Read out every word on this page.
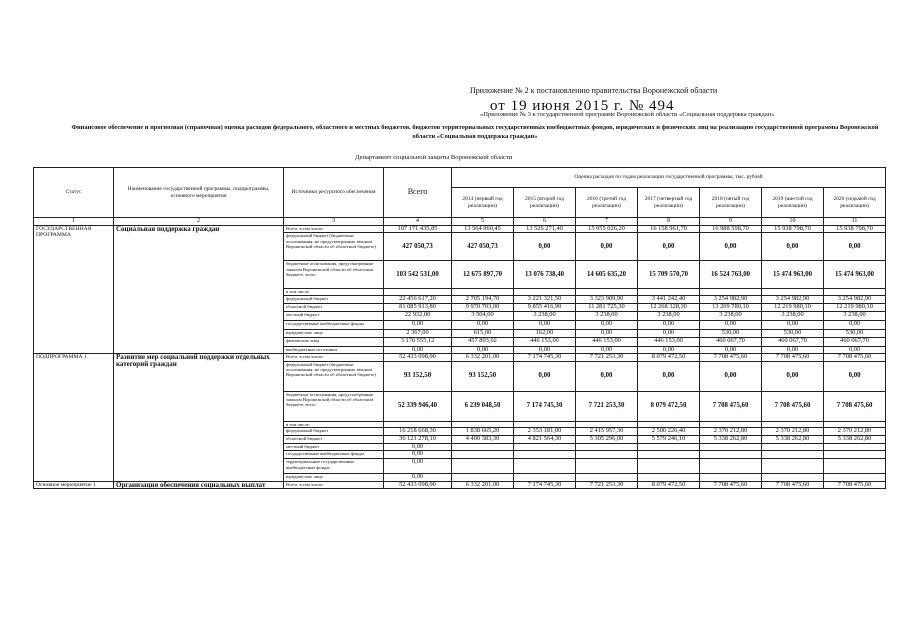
Приложение № 2 к постановлению правительства Воронежской области
от 19 июня 2015 г. № 494
«Приложение № 3 к государственной программе Воронежской области «Социальная поддержка граждан»
Финансовое обеспечение и прогнозная (справочная) оценка расходов федерального, областного и местных бюджетов, бюджетов территориальных государственных внебюджетных фондов, юридических и физических лиц на реализацию государственной программы Воронежской области «Социальная поддержка граждан»
Департамент социальной защиты Воронежской области
Статус	Наименование государственной программы, подпрограммы, основного мероприятия	Источники ресурсного обеспечения	Всего	Оценка расходов по годам реализации государственной программы, тыс. рублей						
				2014 (первый год реализации)	2015 (второй год реализации)	2016 (третий год реализации)	2017 (четвертый год реализации)	2018 (пятый год реализации)	2019 (шестой год реализации)	2020 (седьмой год реализации)
1	2	3	4	5	6	7	8	9	10	11
ГОСУДАРСТВЕННАЯ ПРОГРАММА	Социальная поддержка граждан	Всего, в том числе:	107 171 435,85	13 564 960,45	13 526 271,40	15 055 026,20	16 158 961,70	16 988 598,70	15 938 798,70	15 938 798,70
		федеральный бюджет (бюджетные ассигнования, не предусмотренные законом Воронежской области об областном бюджете)	427 050,73	427 050,73	0,00	0,00	0,00	0,00	0,00	0,00
		бюджетные ассигнования, предусмотренные законом Воронежской области об областном бюджете, всего	103 542 531,00	12 675 897,70	13 076 738,40	14 605 635,20	15 709 570,70	16 524 763,00	15 474 963,00	15 474 963,00
		в том числе:								
		федеральный бюджет	22 456 617,20	2 705 194,70	3 221 321,50	3 323 909,90	3 441 242,40	3 254 982,90	3 254 982,90	3 254 982,90
		областной бюджет	81 085 913,80	9 970 703,00	9 855 416,90	11 281 725,30	12 268 328,30	13 269 780,10	12 219 980,10	12 219 980,10
		местный бюджет	22 932,00	3 504,00	3 238,00	3 238,00	3 238,00	3 238,00	3 238,00	3 238,00
		государственные внебюджетные фонды	0,00	0,00	0,00	0,00	0,00	0,00	0,00	0,00
		юридические лица	2 367,00	615,00	162,00	0,00	0,00	530,00	530,00	530,00
		физические лица	3 176 555,12	457 893,02	446 153,00	446 153,00	446 153,00	460 067,70	460 067,70	460 067,70
		внебюджетные источники	0,00	0,00	0,00	0,00	0,00	0,00	0,00	0,00
ПОДПРОГРАММА 1	Развитие мер социальной поддержки отдельных категорий граждан	Всего, в том числе:	52 433 098,90	6 332 201,00	7 174 745,30	7 721 253,30	8 079 472,50	7 708 475,60	7 708 475,60	7 708 475,60
		федеральный бюджет (бюджетные ассигнования, не предусмотренные законом Воронежской области об областном бюджете)	93 152,50	93 152,50	0,00	0,00	0,00	0,00	0,00	0,00
		бюджетные ассигнования, предусмотренные законом Воронежской области об областном бюджете, всего	52 339 946,40	6 239 048,50	7 174 745,30	7 721 253,30	8 079 472,50	7 708 475,60	7 708 475,60	7 708 475,60
		в том числе:								
		федеральный бюджет	16 218 668,30	1 838 665,20	2 353 181,00	2 415 957,30	2 500 226,40	2 370 212,80	2 370 212,80	2 370 212,80
		областной бюджет	36 121 278,10	4 400 383,30	4 821 564,30	5 305 296,00	5 579 246,10	5 338 262,80	5 338 262,80	5 338 262,80
		местный бюджет	0,00							
		государственные внебюджетные фонды	0,00							
		территориальные государственные внебюджетные фонды	0,00							
		юридические лица	0,00							
Основное мероприятие 1	Организация обеспечения социальных выплат	Всего, в том числе:	52 433 098,90	6 332 201,00	7 174 745,30	7 721 253,30	8 079 472,50	7 708 475,60	7 708 475,60	7 708 475,60
